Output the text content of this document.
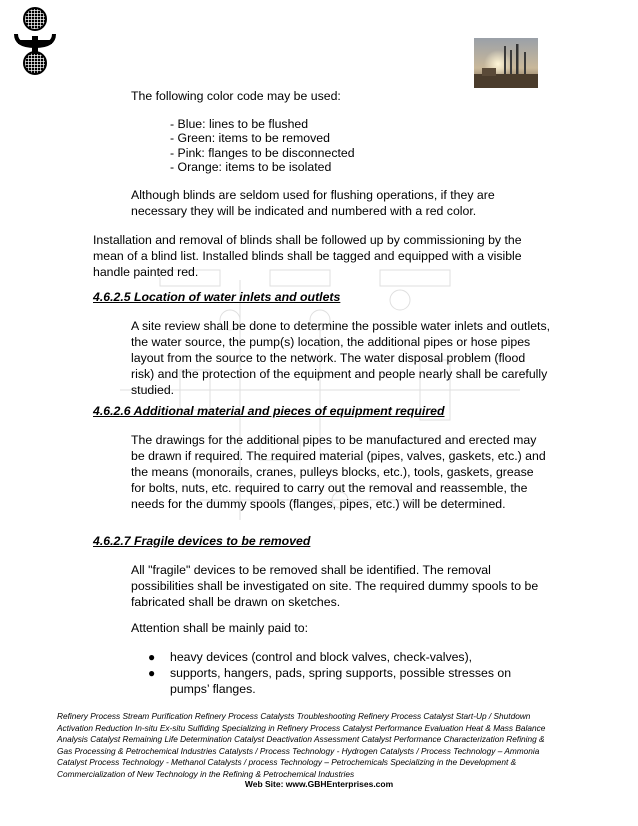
The following color code may be used:

- Blue: lines to be flushed

- Green: items to be removed

- Pink: flanges to be disconnected

- Orange: items to be isolated

Although blinds are seldom used for flushing operations, if they are necessary they will be indicated and numbered with a red color.

Installation and removal of blinds shall be followed up by commissioning by the mean of a blind list. Installed blinds shall be tagged and equipped with a visible handle painted red.

4.6.2.5 Location of water inlets and outlets

A site review shall be done to determine the possible water inlets and outlets, the water source, the pump(s) location, the additional pipes or hose pipes layout from the source to the network. The water disposal problem (flood risk) and the protection of the equipment and people nearly shall be carefully studied.

4.6.2.6 Additional material and pieces of equipment required

The drawings for the additional pipes to be manufactured and erected may be drawn if required. The required material (pipes, valves, gaskets, etc.) and the means (monorails, cranes, pulleys blocks, etc.), tools, gaskets, grease for bolts, nuts, etc. required to carry out the removal and reassemble, the needs for the dummy spools (flanges, pipes, etc.) will be determined.

4.6.2.7 Fragile devices to be removed

All "fragile" devices to be removed shall be identified. The removal possibilities shall be investigated on site. The required dummy spools to be fabricated shall be drawn on sketches.

Attention shall be mainly paid to:

● heavy devices (control and block valves, check-valves),

● supports, hangers, pads, spring supports, possible stresses on pumps’ flanges.

Refinery Process Stream Purification Refinery Process Catalysts Troubleshooting Refinery Process Catalyst Start-Up / Shutdown Activation Reduction In-situ Ex-situ Sulfiding Specializing in Refinery Process Catalyst Performance Evaluation Heat & Mass Balance Analysis Catalyst Remaining Life Determination Catalyst Deactivation Assessment Catalyst Performance Characterization Refining & Gas Processing & Petrochemical Industries Catalysts / Process Technology - Hydrogen Catalysts / Process Technology – Ammonia Catalyst Process Technology - Methanol Catalysts / process Technology – Petrochemicals Specializing in the Development & Commercialization of New Technology in the Refining & Petrochemical Industries

Web Site: www.GBHEnterprises.com
